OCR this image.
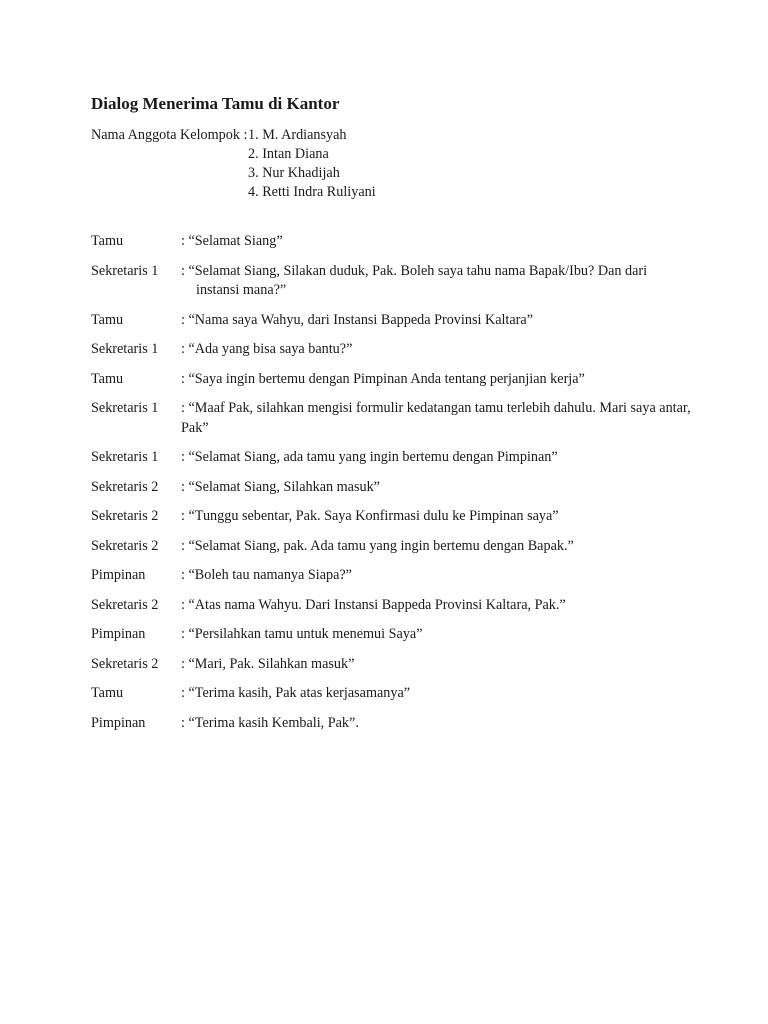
Dialog Menerima Tamu di Kantor
Nama Anggota Kelompok : 1. M. Ardiansyah
2. Intan Diana
3. Nur Khadijah
4. Retti Indra Ruliyani
Tamu	: “Selamat Siang”
Sekretaris 1	: “Selamat Siang, Silakan duduk, Pak. Boleh saya tahu nama Bapak/Ibu? Dan dari instansi mana?”
Tamu	: “Nama saya Wahyu, dari Instansi Bappeda Provinsi Kaltara”
Sekretaris 1	: “Ada yang bisa saya bantu?”
Tamu	: “Saya ingin bertemu dengan Pimpinan Anda tentang perjanjian kerja”
Sekretaris 1	: “Maaf Pak, silahkan mengisi formulir kedatangan tamu terlebih dahulu. Mari saya antar, Pak”
Sekretaris 1	: “Selamat Siang, ada tamu yang ingin bertemu dengan Pimpinan”
Sekretaris 2	: “Selamat Siang, Silahkan masuk”
Sekretaris 2	: “Tunggu sebentar, Pak. Saya Konfirmasi dulu ke Pimpinan saya”
Sekretaris 2	: “Selamat Siang, pak. Ada tamu yang ingin bertemu dengan Bapak.”
Pimpinan	: “Boleh tau namanya Siapa?”
Sekretaris 2	: “Atas nama Wahyu. Dari Instansi Bappeda Provinsi Kaltara, Pak.”
Pimpinan	: “Persilahkan tamu untuk menemui Saya”
Sekretaris 2	: “Mari, Pak. Silahkan masuk”
Tamu	: “Terima kasih, Pak atas kerjasamanya”
Pimpinan	: “Terima kasih Kembali, Pak”.
